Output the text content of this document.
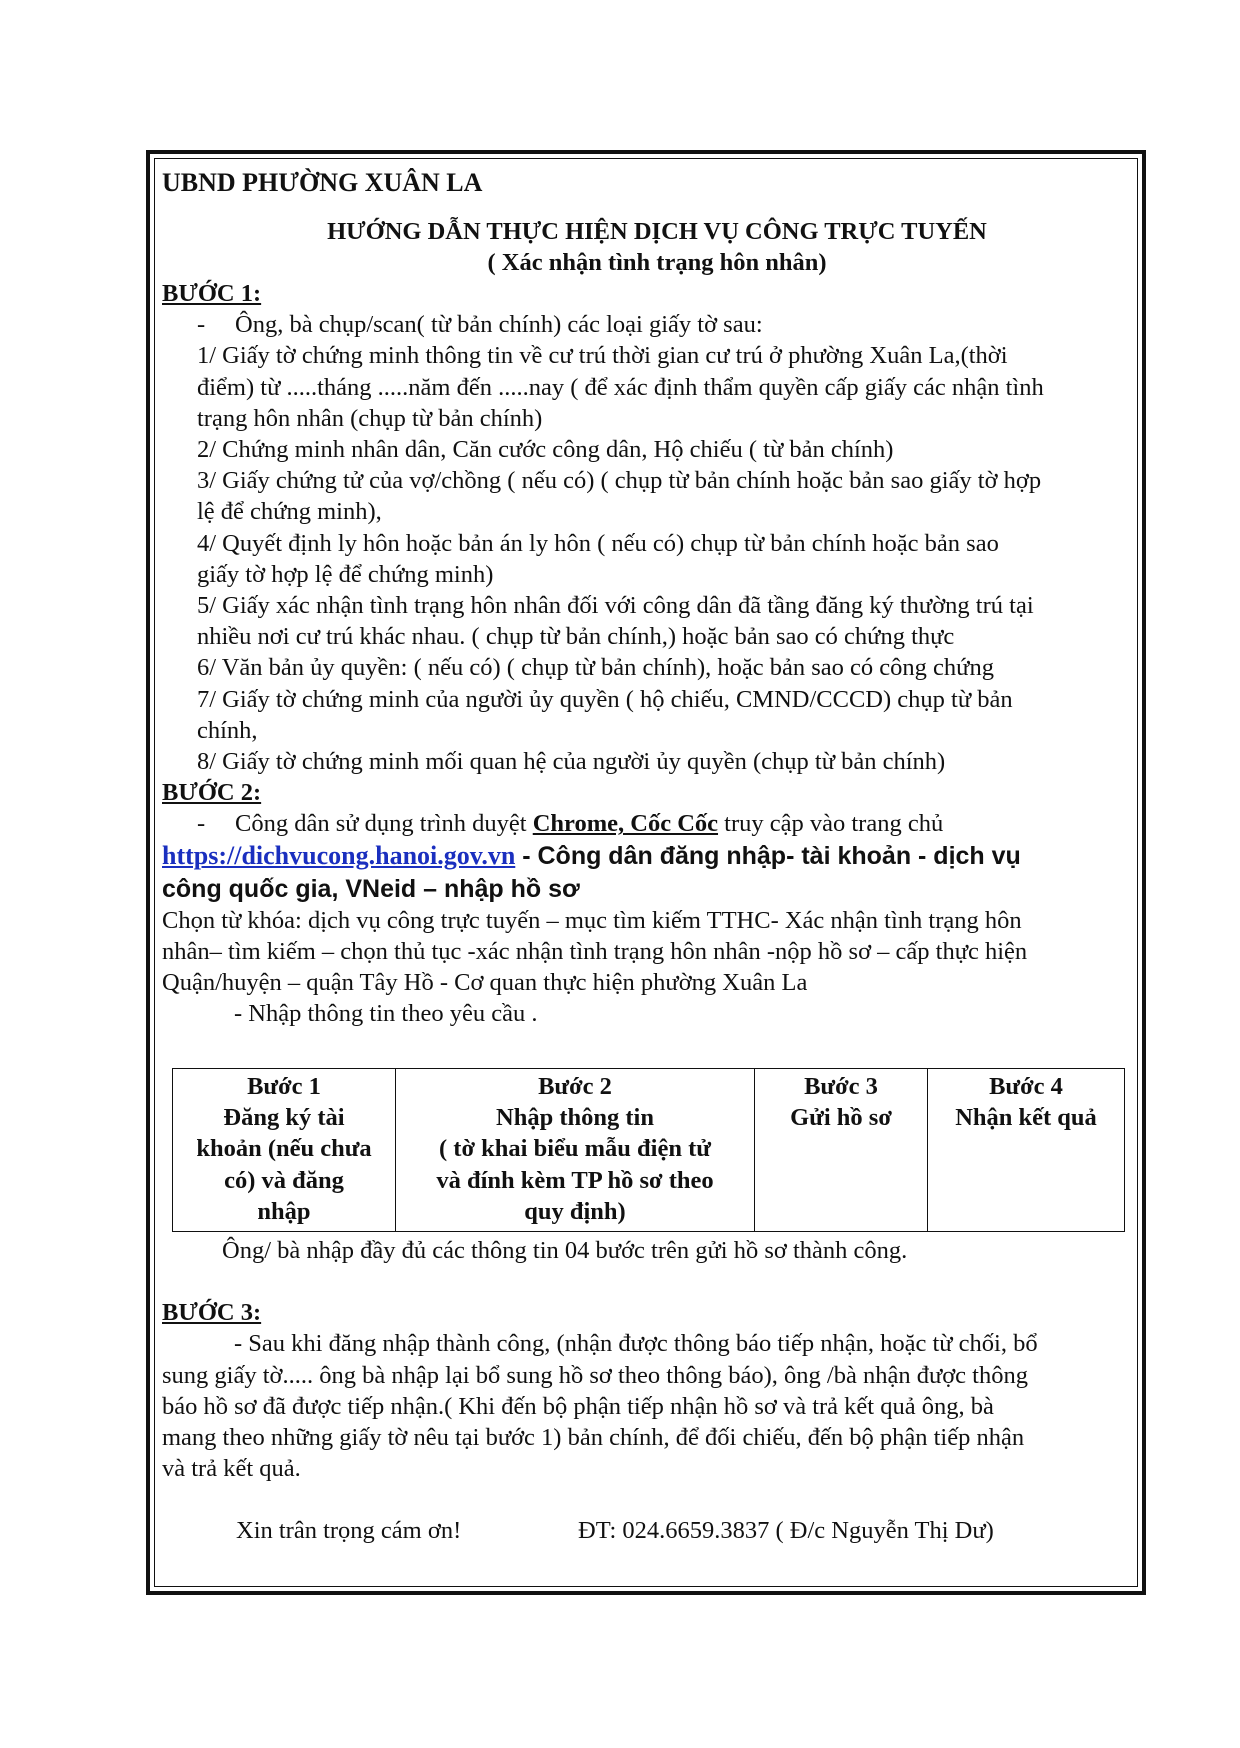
UBND PHƯỜNG XUÂN LA
HƯỚNG DẪN THỰC HIỆN DỊCH VỤ CÔNG TRỰC TUYẾN
( Xác nhận tình trạng hôn nhân)
BƯỚC 1:
- Ông, bà chụp/scan( từ bản chính) các loại giấy tờ sau:
1/ Giấy tờ chứng minh thông tin về cư trú thời gian cư trú ở phường Xuân La,(thời
điểm) từ .....tháng .....năm đến .....nay ( để xác định thẩm quyền cấp giấy các nhận tình
trạng hôn nhân (chụp từ bản chính)
2/ Chứng minh nhân dân, Căn cước công dân, Hộ chiếu ( từ bản chính)
3/ Giấy chứng tử của vợ/chồng ( nếu có) ( chụp từ bản chính hoặc bản sao giấy tờ hợp
lệ để chứng minh),
4/ Quyết định ly hôn hoặc bản án ly hôn ( nếu có) chụp từ bản chính hoặc bản sao
giấy tờ hợp lệ để chứng minh)
5/ Giấy xác nhận tình trạng hôn nhân đối với công dân đã tầng đăng ký thường trú tại
nhiều nơi cư trú khác nhau. ( chụp từ bản chính,) hoặc bản sao có chứng thực
6/ Văn bản ủy quyền: ( nếu có) ( chụp từ bản chính), hoặc bản sao có công chứng
7/ Giấy tờ chứng minh của người ủy quyền ( hộ chiếu, CMND/CCCD) chụp từ bản
chính,
8/ Giấy tờ chứng minh mối quan hệ của người ủy quyền (chụp từ bản chính)
BƯỚC 2:
- Công dân sử dụng trình duyệt Chrome, Cốc Cốc truy cập vào trang chủ
https://dichvucong.hanoi.gov.vn - Công dân đăng nhập- tài khoản - dịch vụ
công quốc gia, VNeid – nhập hồ sơ
Chọn từ khóa: dịch vụ công trực tuyến – mục tìm kiếm TTHC- Xác nhận tình trạng hôn
nhân– tìm kiếm – chọn thủ tục -xác nhận tình trạng hôn nhân -nộp hồ sơ – cấp thực hiện
Quận/huyện – quận Tây Hồ - Cơ quan thực hiện phường Xuân La
- Nhập thông tin theo yêu cầu .
Bước 1
Đăng ký tài
khoản (nếu chưa
có) và đăng
nhập

Bước 2
Nhập thông tin
( tờ khai biểu mẫu điện tử
và đính kèm TP hồ sơ theo
quy định)

Bước 3
Gửi hồ sơ

Bước 4
Nhận kết quả
Ông/ bà nhập đầy đủ các thông tin 04 bước trên gửi hồ sơ thành công.
BƯỚC 3:
- Sau khi đăng nhập thành công, (nhận được thông báo tiếp nhận, hoặc từ chối, bổ
sung giấy tờ..... ông bà nhập lại bổ sung hồ sơ theo thông báo), ông /bà nhận được thông
báo hồ sơ đã được tiếp nhận.( Khi đến bộ phận tiếp nhận hồ sơ và trả kết quả ông, bà
mang theo những giấy tờ nêu tại bước 1) bản chính, để đối chiếu, đến bộ phận tiếp nhận
và trả kết quả.
Xin trân trọng cám ơn!	ĐT: 024.6659.3837 ( Đ/c Nguyễn Thị Dư)
